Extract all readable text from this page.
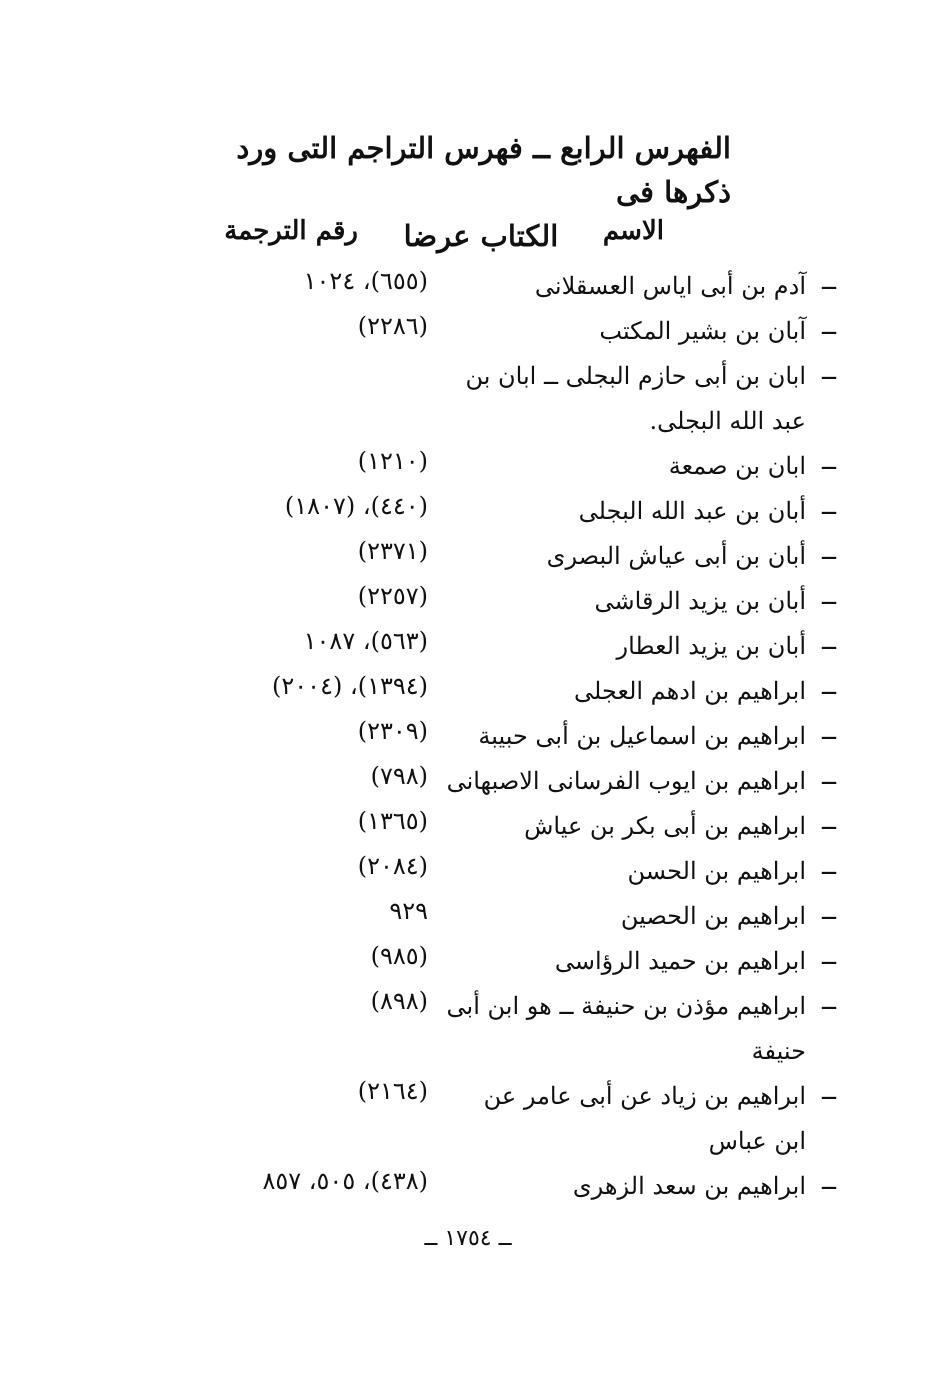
الفهرس الرابع ــ فهرس التراجم التى ورد ذكرها فى
الكتاب عرضا	الاسم
رقم الترجمة
ــ
آدم بن أبى اياس العسقلانى
(٦٥٥)، ١٠٢٤
ــ
آبان بن بشير المكتب
(٢٢٨٦)
ــ
ابان بن أبى حازم البجلى ــ ابان بن عبد الله البجلى.
ــ
ابان بن صمعة
(١٢١٠)
ــ
أبان بن عبد الله البجلى
(٤٤٠)، (١٨٠٧)
ــ
أبان بن أبى عياش البصرى
(٢٣٧١)
ــ
أبان بن يزيد الرقاشى
(٢٢٥٧)
ــ
أبان بن يزيد العطار
(٥٦٣)، ١٠٨٧
ــ
ابراهيم بن ادهم العجلى
(١٣٩٤)، (٢٠٠٤)
ــ
ابراهيم بن اسماعيل بن أبى حبيبة
(٢٣٠٩)
ــ
ابراهيم بن ايوب الفرسانى الاصبهانى
(٧٩٨)
ــ
ابراهيم بن أبى بكر بن عياش
(١٣٦٥)
ــ
ابراهيم بن الحسن
(٢٠٨٤)
ــ
ابراهيم بن الحصين
٩٢٩
ــ
ابراهيم بن حميد الرؤاسى
(٩٨٥)
ــ
ابراهيم مؤذن بن حنيفة ــ هو ابن أبى حنيفة
(٨٩٨)
ــ
ابراهيم بن زياد عن أبى عامر عن ابن عباس
(٢١٦٤)
ــ
ابراهيم بن سعد الزهرى
(٤٣٨)، ٥٠٥، ٨٥٧
ــ ١٧٥٤ ــ
